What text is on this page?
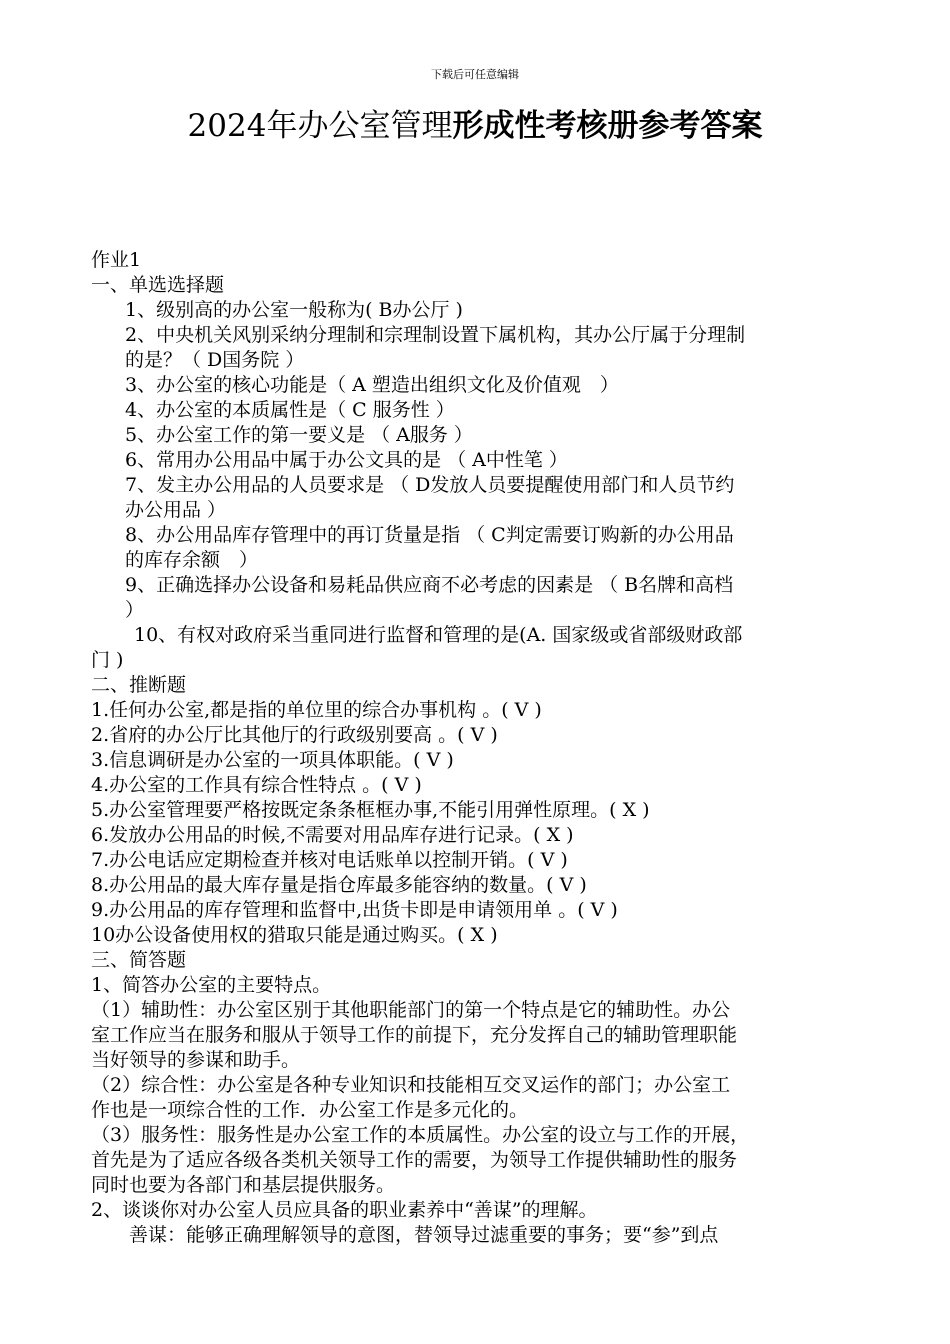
下载后可任意编辑
2024年办公室管理形成性考核册参考答案
作业1
一、单选选择题
1、级别高的办公室一般称为( B办公厅 )
2、中央机关风别采纳分理制和宗理制设置下属机构，其办公厅属于分理制
的是？（ D国务院 ）
3、办公室的核心功能是（ A 塑造出组织文化及价值观　）
4、办公室的本质属性是（ C 服务性 ）
5、办公室工作的第一要义是 （ A服务 ）
6、常用办公用品中属于办公文具的是 （ A中性笔 ）
7、发主办公用品的人员要求是 （ D发放人员要提醒使用部门和人员节约
办公用品 ）
8、办公用品库存管理中的再订货量是指 （ C判定需要订购新的办公用品
的库存余额　）
9、正确选择办公设备和易耗品供应商不必考虑的因素是 （ B名牌和高档
）
10、有权对政府采当重同进行监督和管理的是(A. 国家级或省部级财政部
门 )
二、推断题
1.任何办公室,都是指的单位里的综合办事机构 。( V )
2.省府的办公厅比其他厅的行政级别要高 。( V )
3.信息调研是办公室的一项具体职能。( V )
4.办公室的工作具有综合性特点 。( V )
5.办公室管理要严格按既定条条框框办事,不能引用弹性原理。( X )
6.发放办公用品的时候,不需要对用品库存进行记录。( X )
7.办公电话应定期检查并核对电话账单以控制开销。( V )
8.办公用品的最大库存量是指仓库最多能容纳的数量。( V )
9.办公用品的库存管理和监督中,出货卡即是申请领用单 。( V )
10办公设备使用权的猎取只能是通过购买。( X )
三、简答题
1、简答办公室的主要特点。
（1）辅助性：办公室区别于其他职能部门的第一个特点是它的辅助性。办公
室工作应当在服务和服从于领导工作的前提下，充分发挥自己的辅助管理职能
当好领导的参谋和助手。
（2）综合性：办公室是各种专业知识和技能相互交叉运作的部门；办公室工
作也是一项综合性的工作．办公室工作是多元化的。
（3）服务性：服务性是办公室工作的本质属性。办公室的设立与工作的开展，
首先是为了适应各级各类机关领导工作的需要，为领导工作提供辅助性的服务
同时也要为各部门和基层提供服务。
2、谈谈你对办公室人员应具备的职业素养中“善谋”的理解。
　　善谋：能够正确理解领导的意图，替领导过滤重要的事务；要“参”到点
